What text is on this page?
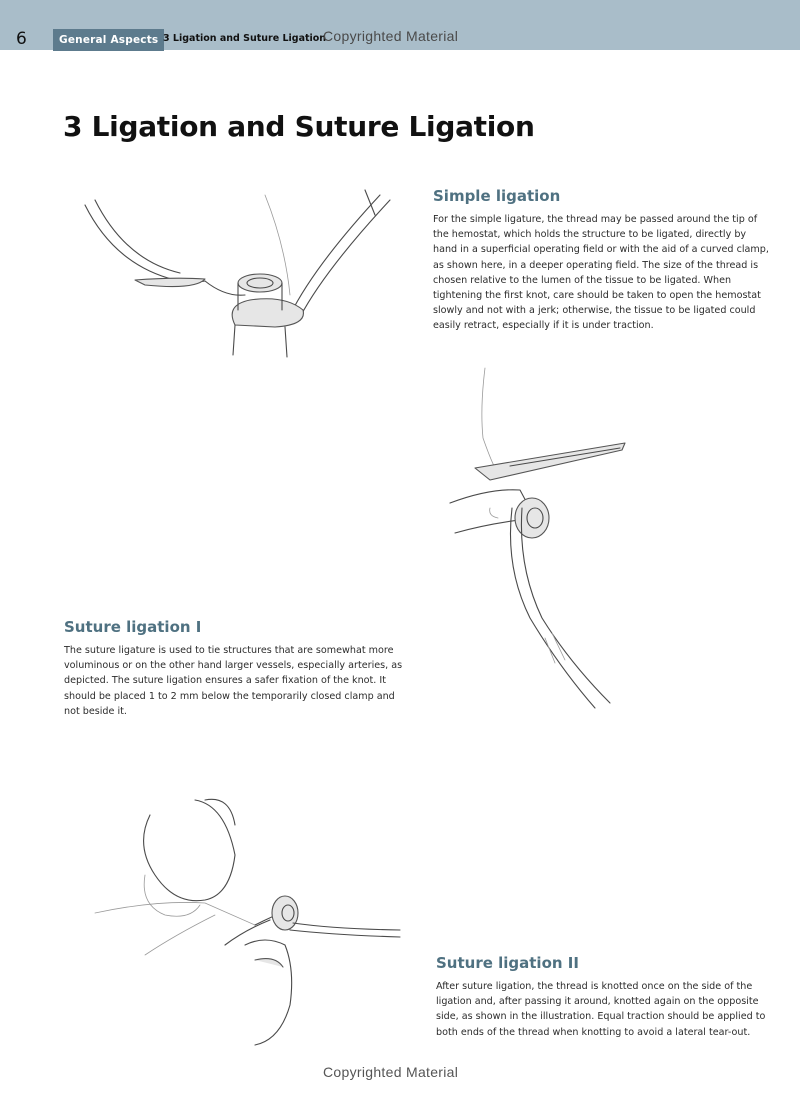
6	General Aspects 3 Ligation and Suture Ligation
Copyrighted Material
3 Ligation and Suture Ligation
Simple ligation

For the simple ligature, the thread may be passed around the tip of the hemostat, which holds the structure to be ligated, directly by hand in a superficial operating field or with the aid of a curved clamp, as shown here, in a deeper operating field. The size of the thread is chosen relative to the lumen of the tissue to be ligated. When tightening the first knot, care should be taken to open the hemostat slowly and not with a jerk; otherwise, the tissue to be ligated could easily retract, especially if it is under traction.

Suture ligation I

The suture ligature is used to tie structures that are somewhat more voluminous or on the other hand larger vessels, especially arteries, as depicted. The suture ligation ensures a safer fixation of the knot. It should be placed 1 to 2 mm below the temporarily closed clamp and not beside it.

Suture ligation II

After suture ligation, the thread is knotted once on the side of the ligation and, after passing it around, knotted again on the opposite side, as shown in the illustration. Equal traction should be applied to both ends of the thread when knotting to avoid a lateral tear-out.

Copyrighted Material
